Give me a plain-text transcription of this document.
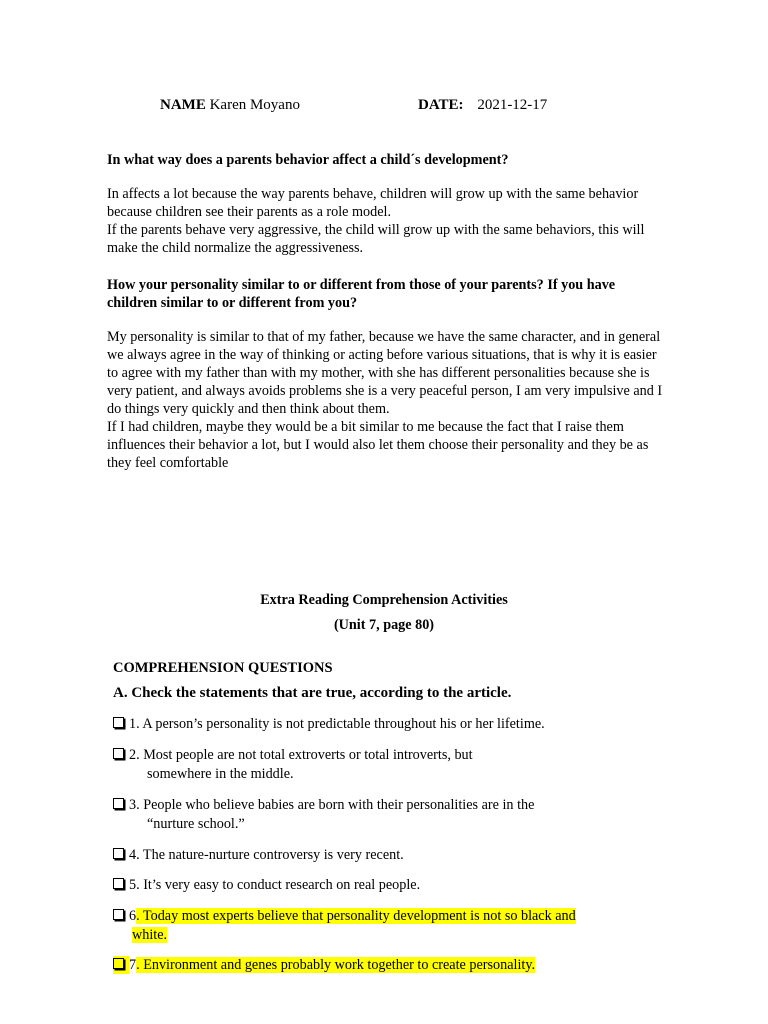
NAME Karen Moyano	DATE: 2021-12-17

In what way does a parents behavior affect a child´s development?

In affects a lot because the way parents behave, children will grow up with the same behavior because children see their parents as a role model.

If the parents behave very aggressive, the child will grow up with the same behaviors, this will make the child normalize the aggressiveness.

How your personality similar to or different from those of your parents? If you have children similar to or different from you?

My personality is similar to that of my father, because we have the same character, and in general we always agree in the way of thinking or acting before various situations, that is why it is easier to agree with my father than with my mother, with she has different personalities because she is very patient, and always avoids problems she is a very peaceful person, I am very impulsive and I do things very quickly and then think about them.

If I had children, maybe they would be a bit similar to me because the fact that I raise them influences their behavior a lot, but I would also let them choose their personality and they be as they feel comfortable

Extra Reading Comprehension Activities
(Unit 7, page 80)
COMPREHENSION QUESTIONS
A. Check the statements that are true, according to the article.
1. A person’s personality is not predictable throughout his or her lifetime.
2. Most people are not total extroverts or total introverts, but
somewhere in the middle.
3. People who believe babies are born with their personalities are in the
“nurture school.”
4. The nature-nurture controversy is very recent.
5. It’s very easy to conduct research on real people.
6. Today most experts believe that personality development is not so black and
white.
7. Environment and genes probably work together to create personality.
